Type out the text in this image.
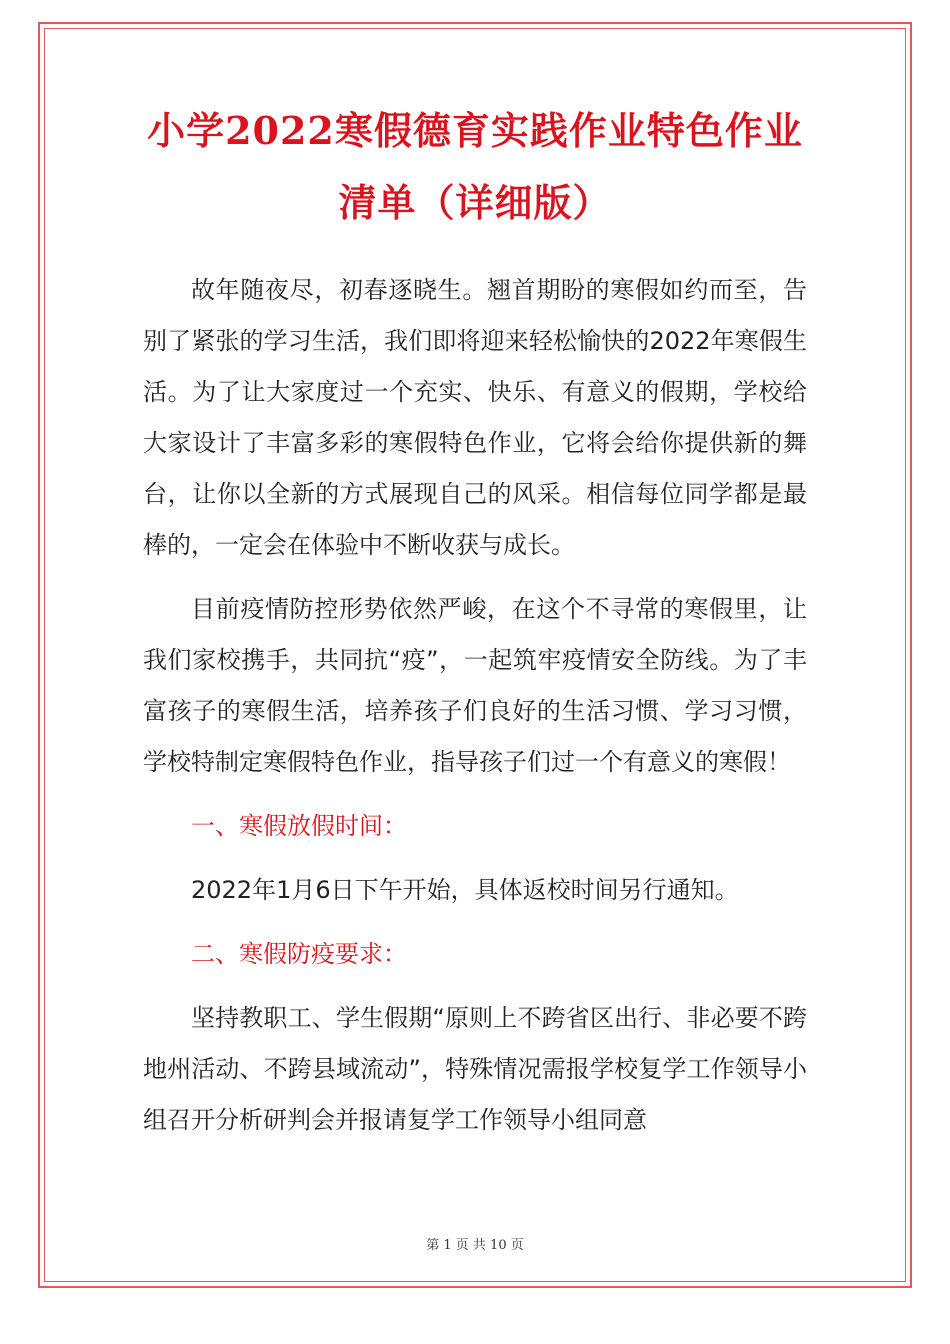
小学2022寒假德育实践作业特色作业清单（详细版）

故年随夜尽，初春逐晓生。翘首期盼的寒假如约而至，告别了紧张的学习生活，我们即将迎来轻松愉快的2022年寒假生活。为了让大家度过一个充实、快乐、有意义的假期，学校给大家设计了丰富多彩的寒假特色作业，它将会给你提供新的舞台，让你以全新的方式展现自己的风采。相信每位同学都是最棒的，一定会在体验中不断收获与成长。

目前疫情防控形势依然严峻，在这个不寻常的寒假里，让我们家校携手，共同抗“疫”，一起筑牢疫情安全防线。为了丰富孩子的寒假生活，培养孩子们良好的生活习惯、学习习惯，学校特制定寒假特色作业，指导孩子们过一个有意义的寒假！

一、寒假放假时间：

2022年1月6日下午开始，具体返校时间另行通知。

二、寒假防疫要求：

坚持教职工、学生假期“原则上不跨省区出行、非必要不跨地州活动、不跨县域流动”，特殊情况需报学校复学工作领导小组召开分析研判会并报请复学工作领导小组同意

第 1 页 共 10 页
